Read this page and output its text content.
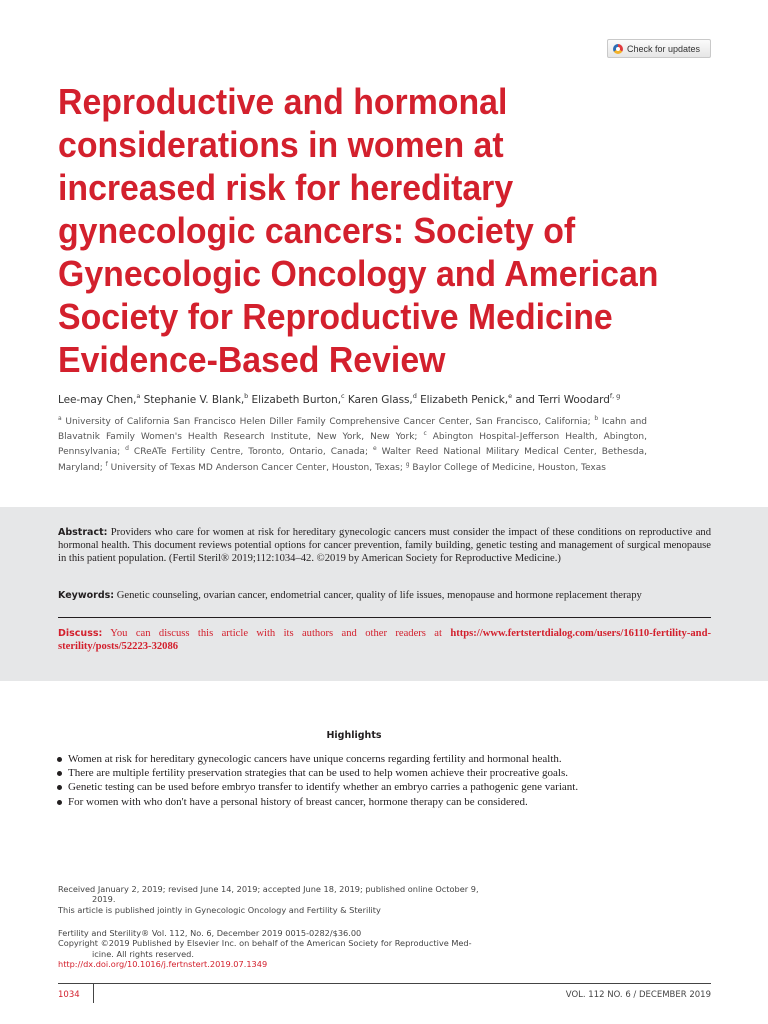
Check for updates
Reproductive and hormonal
considerations in women at
increased risk for hereditary
gynecologic cancers: Society of
Gynecologic Oncology and American
Society for Reproductive Medicine
Evidence-Based Review
Lee-may Chen,$^a$ Stephanie V. Blank,$^b$ Elizabeth Burton,$^c$ Karen Glass,$^d$ Elizabeth Penick,$^e$ and Terri Woodard$^{f, g}$

$^a$ University of California San Francisco Helen Diller Family Comprehensive Cancer Center, San Francisco, California; $^b$ Icahn and Blavatnik Family Women's Health Research Institute, New York, New York; $^c$ Abington Hospital-Jefferson Health, Abington, Pennsylvania; $^d$ CReATe Fertility Centre, Toronto, Ontario, Canada; $^e$ Walter Reed National Military Medical Center, Bethesda, Maryland; $^f$ University of Texas MD Anderson Cancer Center, Houston, Texas; $^g$ Baylor College of Medicine, Houston, Texas

Abstract: Providers who care for women at risk for hereditary gynecologic cancers must consider the impact of these conditions on reproductive and hormonal health. This document reviews potential options for cancer prevention, family building, genetic testing and management of surgical menopause in this patient population. (Fertil Steril® 2019;112:1034–42. ©2019 by American Society for Reproductive Medicine.)

Keywords: Genetic counseling, ovarian cancer, endometrial cancer, quality of life issues, menopause and hormone replacement therapy

Discuss: You can discuss this article with its authors and other readers at https://www.fertstertdialog.com/users/16110-fertility-and-sterility/posts/52223-32086

Highlights
Women at risk for hereditary gynecologic cancers have unique concerns regarding fertility and hormonal health.
There are multiple fertility preservation strategies that can be used to help women achieve their procreative goals.
Genetic testing can be used before embryo transfer to identify whether an embryo carries a pathogenic gene variant.
For women with who don't have a personal history of breast cancer, hormone therapy can be considered.
Received January 2, 2019; revised June 14, 2019; accepted June 18, 2019; published online October 9,
2019.
This article is published jointly in Gynecologic Oncology and Fertility & Sterility
Fertility and Sterility® Vol. 112, No. 6, December 2019 0015-0282/$36.00
Copyright ©2019 Published by Elsevier Inc. on behalf of the American Society for Reproductive Med-
icine. All rights reserved.
http://dx.doi.org/10.1016/j.fertnstert.2019.07.1349
1034	VOL. 112 NO. 6 / DECEMBER 2019
